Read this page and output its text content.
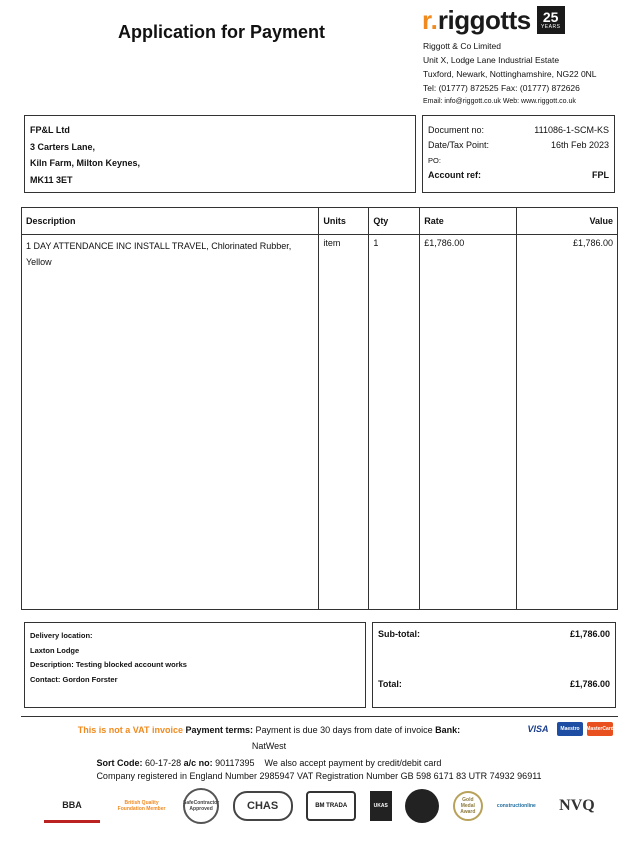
Application for Payment	r. riggotts 25
YEARS
Riggott & Co Limited
Unit X, Lodge Lane Industrial Estate
Tuxford, Newark, Nottinghamshire, NG22 0NL
Tel: (01777) 872525 Fax: (01777) 872626
Email: info@riggott.co.uk Web: www.riggott.co.uk
FP&L Ltd
3 Carters Lane,
Kiln Farm, Milton Keynes,
MK11 3ET
Document no:	111086-1-SCM-KS
Date/Tax Point:	16th Feb 2023
PO:
Account ref:	FPL
Description	Units	Qty	Rate	Value
1 DAY ATTENDANCE INC INSTALL TRAVEL, Chlorinated Rubber, Yellow	item	1	£1,786.00	£1,786.00

Delivery location:
Laxton Lodge
Description: Testing blocked account works
Contact: Gordon Forster
Sub-total:	£1,786.00
Total:	£1,786.00
This is not a VAT invoice Payment terms: Payment is due 30 days from date of invoice Bank:
NatWest
VISA	Maestro	MasterCard
Sort Code: 60-17-28 a/c no: 90117395 We also accept payment by credit/debit card
Company registered in England Number 2985947 VAT Registration Number GB 598 6171 83 UTR 74932 96911
BBA	British Quality Foundation Member
SafeContractor Approved	CHAS	BM TRADA	UKAS
Gold Medal Award
constructionline	NVQ
